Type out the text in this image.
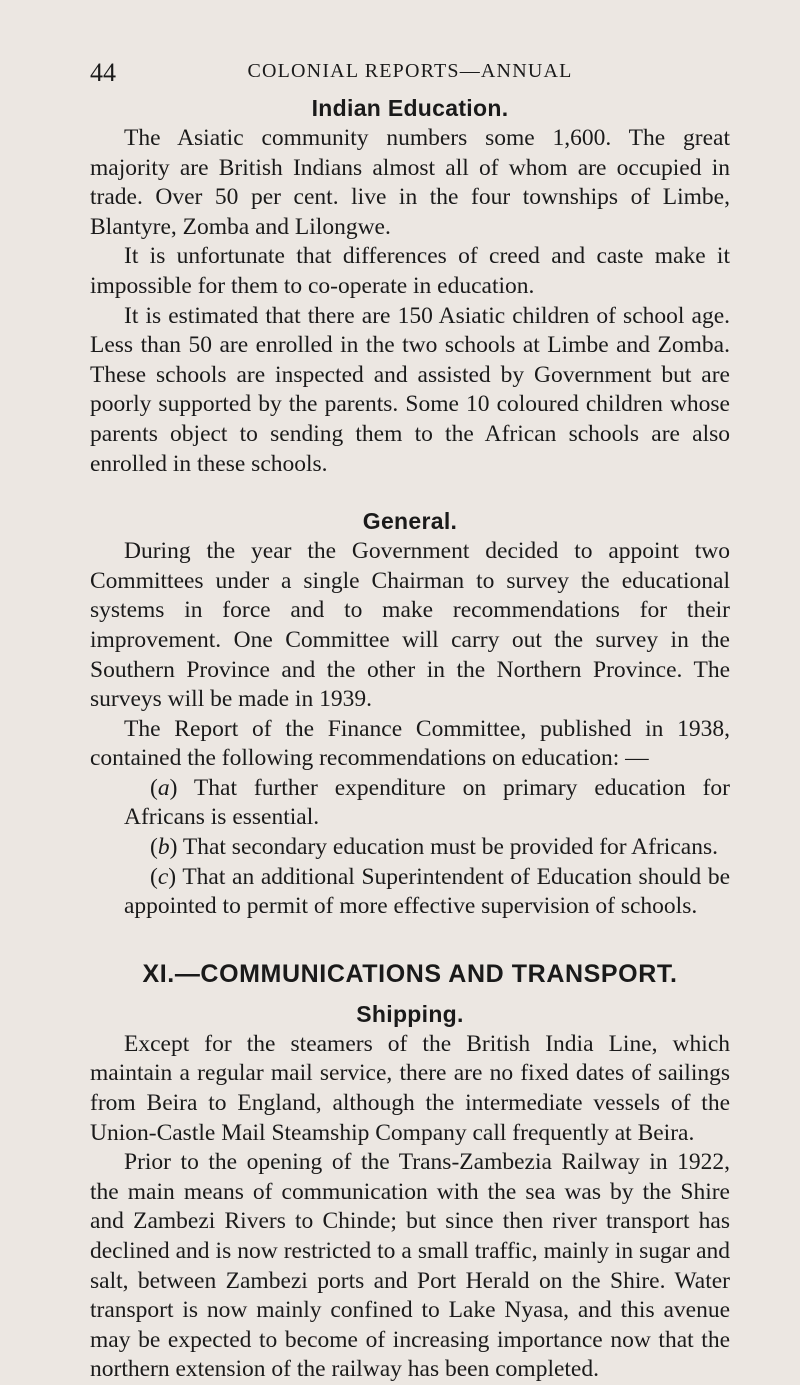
44	COLONIAL REPORTS—ANNUAL
Indian Education.

The Asiatic community numbers some 1,600. The great majority are British Indians almost all of whom are occupied in trade. Over 50 per cent. live in the four townships of Limbe, Blantyre, Zomba and Lilongwe.

It is unfortunate that differences of creed and caste make it impossible for them to co-operate in education.

It is estimated that there are 150 Asiatic children of school age. Less than 50 are enrolled in the two schools at Limbe and Zomba. These schools are inspected and assisted by Government but are poorly supported by the parents. Some 10 coloured children whose parents object to sending them to the African schools are also enrolled in these schools.

General.

During the year the Government decided to appoint two Committees under a single Chairman to survey the educational systems in force and to make recommendations for their improvement. One Committee will carry out the survey in the Southern Province and the other in the Northern Province. The surveys will be made in 1939.

The Report of the Finance Committee, published in 1938, contained the following recommendations on education: —

(a) That further expenditure on primary education for Africans is essential.

(b) That secondary education must be provided for Africans.

(c) That an additional Superintendent of Education should be appointed to permit of more effective supervision of schools.

XI.—COMMUNICATIONS AND TRANSPORT.
Shipping.

Except for the steamers of the British India Line, which maintain a regular mail service, there are no fixed dates of sailings from Beira to England, although the intermediate vessels of the Union-Castle Mail Steamship Company call frequently at Beira.

Prior to the opening of the Trans-Zambezia Railway in 1922, the main means of communication with the sea was by the Shire and Zambezi Rivers to Chinde; but since then river transport has declined and is now restricted to a small traffic, mainly in sugar and salt, between Zambezi ports and Port Herald on the Shire. Water transport is now mainly confined to Lake Nyasa, and this avenue may be expected to become of increasing importance now that the northern extension of the railway has been completed.
